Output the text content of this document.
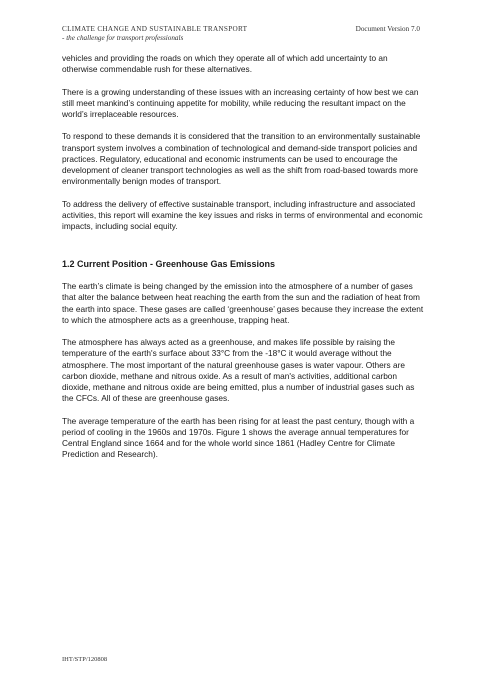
CLIMATE CHANGE AND SUSTAINABLE TRANSPORT
- the challenge for transport professionals
Document Version 7.0

vehicles and providing the roads on which they operate all of which add uncertainty to an otherwise commendable rush for these alternatives.

There is a growing understanding of these issues with an increasing certainty of how best we can still meet mankind’s continuing appetite for mobility, while reducing the resultant impact on the world’s irreplaceable resources.

To respond to these demands it is considered that the transition to an environmentally sustainable transport system involves a combination of technological and demand-side transport policies and practices. Regulatory, educational and economic instruments can be used to encourage the development of cleaner transport technologies as well as the shift from road-based towards more environmentally benign modes of transport.

To address the delivery of effective sustainable transport, including infrastructure and associated activities, this report will examine the key issues and risks in terms of environmental and economic impacts, including social equity.

1.2 Current Position - Greenhouse Gas Emissions

The earth’s climate is being changed by the emission into the atmosphere of a number of gases that alter the balance between heat reaching the earth from the sun and the radiation of heat from the earth into space. These gases are called ‘greenhouse’ gases because they increase the extent to which the atmosphere acts as a greenhouse, trapping heat.

The atmosphere has always acted as a greenhouse, and makes life possible by raising the temperature of the earth's surface about 33°C from the -18°C it would average without the atmosphere. The most important of the natural greenhouse gases is water vapour. Others are carbon dioxide, methane and nitrous oxide. As a result of man's activities, additional carbon dioxide, methane and nitrous oxide are being emitted, plus a number of industrial gases such as the CFCs. All of these are greenhouse gases.

The average temperature of the earth has been rising for at least the past century, though with a period of cooling in the 1960s and 1970s. Figure 1 shows the average annual temperatures for Central England since 1664 and for the whole world since 1861 (Hadley Centre for Climate Prediction and Research).

IHT/STP/120808
